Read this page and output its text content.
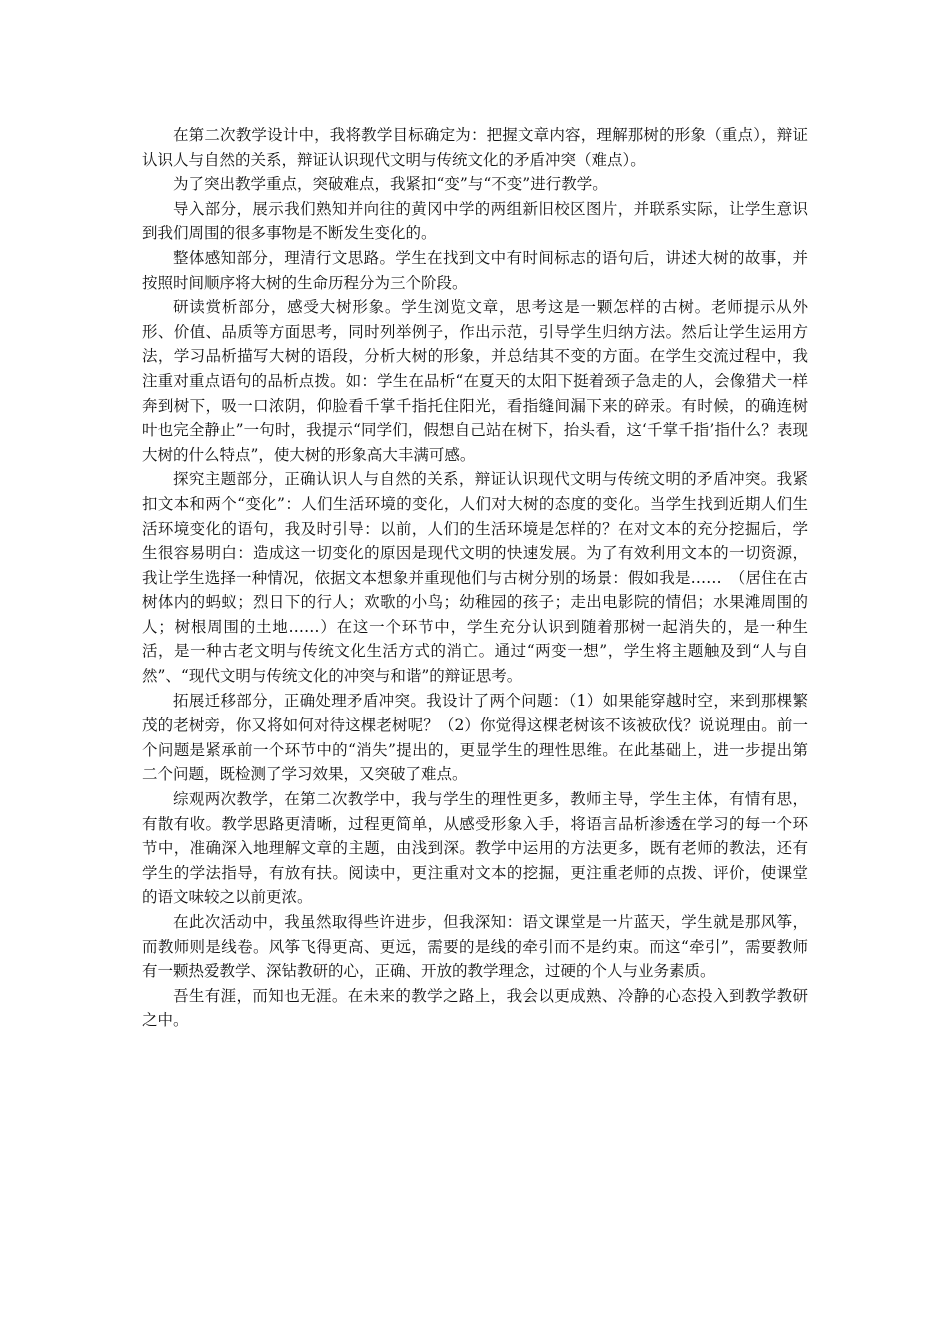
在第二次教学设计中，我将教学目标确定为：把握文章内容，理解那树的形象（重点），辩证认识人与自然的关系，辩证认识现代文明与传统文化的矛盾冲突（难点）。

为了突出教学重点，突破难点，我紧扣“变”与“不变”进行教学。

导入部分，展示我们熟知并向往的黄冈中学的两组新旧校区图片，并联系实际，让学生意识到我们周围的很多事物是不断发生变化的。

整体感知部分，理清行文思路。学生在找到文中有时间标志的语句后，讲述大树的故事，并按照时间顺序将大树的生命历程分为三个阶段。

研读赏析部分，感受大树形象。学生浏览文章，思考这是一颗怎样的古树。老师提示从外形、价值、品质等方面思考，同时列举例子，作出示范，引导学生归纳方法。然后让学生运用方法，学习品析描写大树的语段，分析大树的形象，并总结其不变的方面。在学生交流过程中，我注重对重点语句的品析点拨。如：学生在品析“在夏天的太阳下挺着颈子急走的人，会像猎犬一样奔到树下，吸一口浓阴，仰脸看千掌千指托住阳光，看指缝间漏下来的碎汞。有时候，的确连树叶也完全静止”一句时，我提示“同学们，假想自己站在树下，抬头看，这‘千掌千指’指什么？表现大树的什么特点”，使大树的形象高大丰满可感。

探究主题部分，正确认识人与自然的关系，辩证认识现代文明与传统文明的矛盾冲突。我紧扣文本和两个“变化”：人们生活环境的变化，人们对大树的态度的变化。当学生找到近期人们生活环境变化的语句，我及时引导：以前，人们的生活环境是怎样的？在对文本的充分挖掘后，学生很容易明白：造成这一切变化的原因是现代文明的快速发展。为了有效利用文本的一切资源，我让学生选择一种情况，依据文本想象并重现他们与古树分别的场景：假如我是……　（居住在古树体内的蚂蚁；烈日下的行人；欢歌的小鸟；幼稚园的孩子；走出电影院的情侣；水果滩周围的人；树根周围的土地……）在这一个环节中，学生充分认识到随着那树一起消失的，是一种生活，是一种古老文明与传统文化生活方式的消亡。通过“两变一想”，学生将主题触及到“人与自然”、“现代文明与传统文化的冲突与和谐”的辩证思考。

拓展迁移部分，正确处理矛盾冲突。我设计了两个问题：（1）如果能穿越时空，来到那棵繁茂的老树旁，你又将如何对待这棵老树呢？（2）你觉得这棵老树该不该被砍伐？说说理由。前一个问题是紧承前一个环节中的“消失”提出的，更显学生的理性思维。在此基础上，进一步提出第二个问题，既检测了学习效果，又突破了难点。

综观两次教学，在第二次教学中，我与学生的理性更多，教师主导，学生主体，有情有思，有散有收。教学思路更清晰，过程更简单，从感受形象入手，将语言品析渗透在学习的每一个环节中，准确深入地理解文章的主题，由浅到深。教学中运用的方法更多，既有老师的教法，还有学生的学法指导，有放有扶。阅读中，更注重对文本的挖掘，更注重老师的点拨、评价，使课堂的语文味较之以前更浓。

在此次活动中，我虽然取得些许进步，但我深知：语文课堂是一片蓝天，学生就是那风筝，而教师则是线卷。风筝飞得更高、更远，需要的是线的牵引而不是约束。而这“牵引”，需要教师有一颗热爱教学、深钻教研的心，正确、开放的教学理念，过硬的个人与业务素质。

吾生有涯，而知也无涯。在未来的教学之路上，我会以更成熟、冷静的心态投入到教学教研之中。
